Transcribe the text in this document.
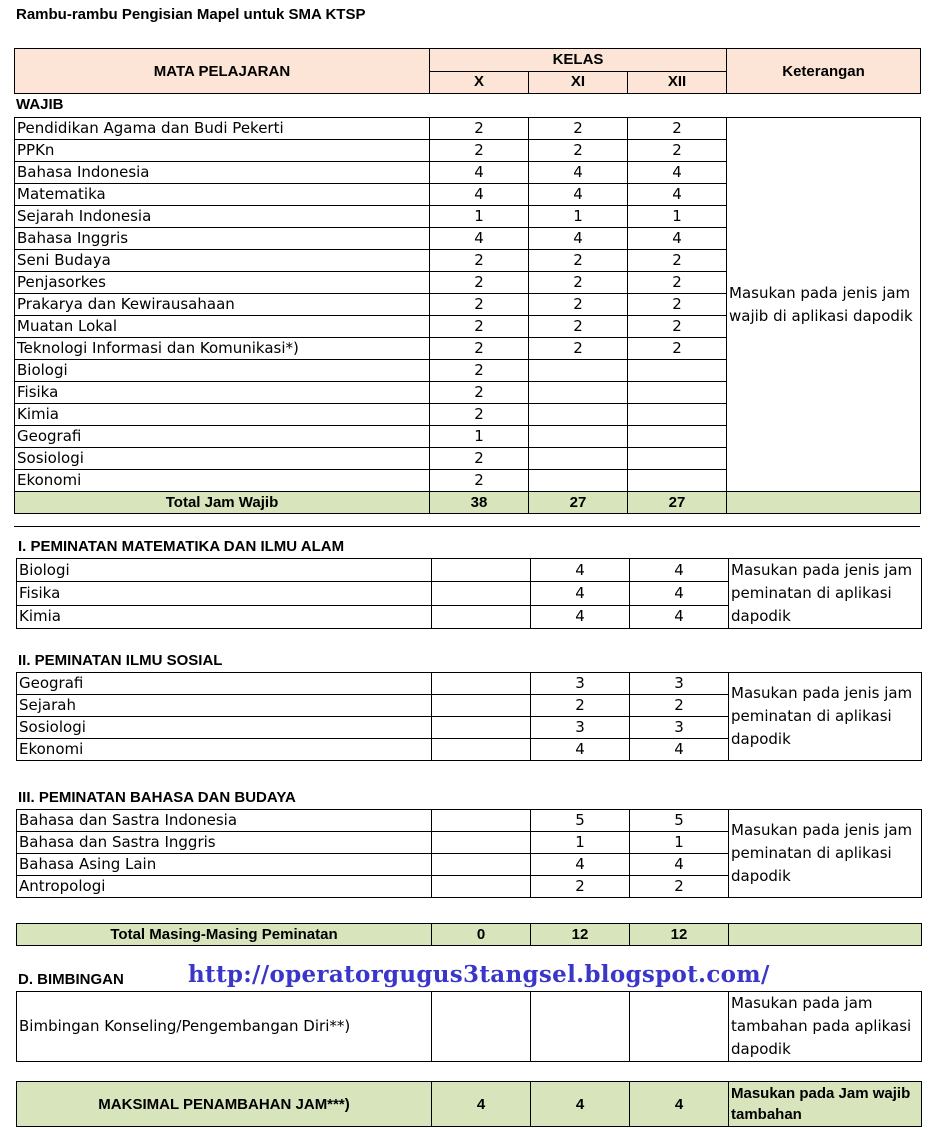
Rambu-rambu Pengisian Mapel untuk SMA KTSP
MATA PELAJARAN	KELAS			Keterangan
	X	XI	XII	
WAJIB
Pendidikan Agama dan Budi Pekerti	2	2	2	Masukan pada jenis jam wajib di aplikasi dapodik
PPKn	2	2	2	
Bahasa Indonesia	4	4	4	
Matematika	4	4	4	
Sejarah Indonesia	1	1	1	
Bahasa Inggris	4	4	4	
Seni Budaya	2	2	2	
Penjasorkes	2	2	2	
Prakarya dan Kewirausahaan	2	2	2	
Muatan Lokal	2	2	2	
Teknologi Informasi dan Komunikasi*)	2	2	2	
Biologi	2			
Fisika	2			
Kimia	2			
Geografi	1			
Sosiologi	2			
Ekonomi	2			
Total Jam Wajib	38	27	27	
I. PEMINATAN MATEMATIKA DAN ILMU ALAM
Biologi		4	4	Masukan pada jenis jam peminatan di aplikasi dapodik
Fisika		4	4	
Kimia		4	4	
II. PEMINATAN ILMU SOSIAL
Geografi		3	3	Masukan pada jenis jam peminatan di aplikasi dapodik
Sejarah		2	2	
Sosiologi		3	3	
Ekonomi		4	4	
III. PEMINATAN BAHASA DAN BUDAYA
Bahasa dan Sastra Indonesia		5	5	Masukan pada jenis jam peminatan di aplikasi dapodik
Bahasa dan Sastra Inggris		1	1	
Bahasa Asing Lain		4	4	
Antropologi		2	2	
Total Masing-Masing Peminatan	0	12	12	
D. BIMBINGAN	http://operatorgugus3tangsel.blogspot.com/
Bimbingan Konseling/Pengembangan Diri**)				Masukan pada jam tambahan pada aplikasi dapodik
MAKSIMAL PENAMBAHAN JAM***)	4	4	4	Masukan pada Jam wajib tambahan
